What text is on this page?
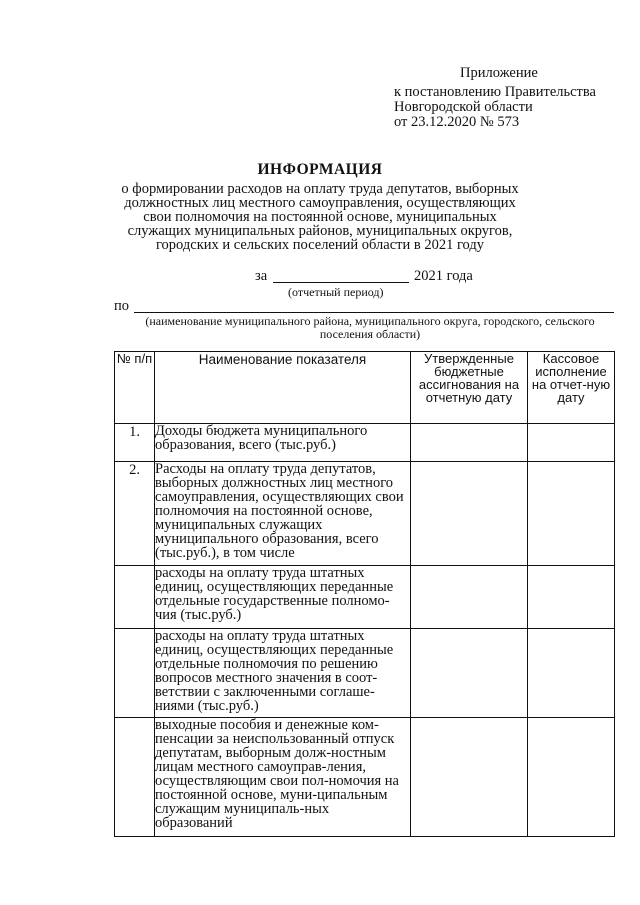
Приложение
к постановлению Правительства
Новгородской области
от 23.12.2020 № 573
ИНФОРМАЦИЯ
о формировании расходов на оплату труда депутатов, выборных должностных лиц местного самоуправления, осуществляющих свои полномочия на постоянной основе, муниципальных служащих муниципальных районов, муниципальных округов, городских и сельских поселений области в 2021 году
за	2021 года
(отчетный период)
по
(наименование муниципального района, муниципального округа, городского, сельского поселения области)
№ п/п	Наименование показателя	Утвержденные бюджетные ассигнования на отчетную дату	Кассовое исполнение на отчет-ную дату
1.	Доходы бюджета муниципального образования, всего (тыс.руб.)		
2.	Расходы на оплату труда депутатов, выборных должностных лиц местного самоуправления, осуществляющих свои полномочия на постоянной основе, муниципальных служащих муниципального образования, всего (тыс.руб.), в том числе		
	расходы на оплату труда штатных единиц, осуществляющих переданные отдельные государственные полномо-чия (тыс.руб.)		
	расходы на оплату труда штатных единиц, осуществляющих переданные отдельные полномочия по решению вопросов местного значения в соот-ветствии с заключенными соглаше-ниями (тыс.руб.)		
	выходные пособия и денежные ком-пенсации за неиспользованный отпуск депутатам, выборным долж-ностным лицам местного самоуправ-ления, осуществляющим свои пол-номочия на постоянной основе, муни-ципальным служащим муниципаль-ных образований		
